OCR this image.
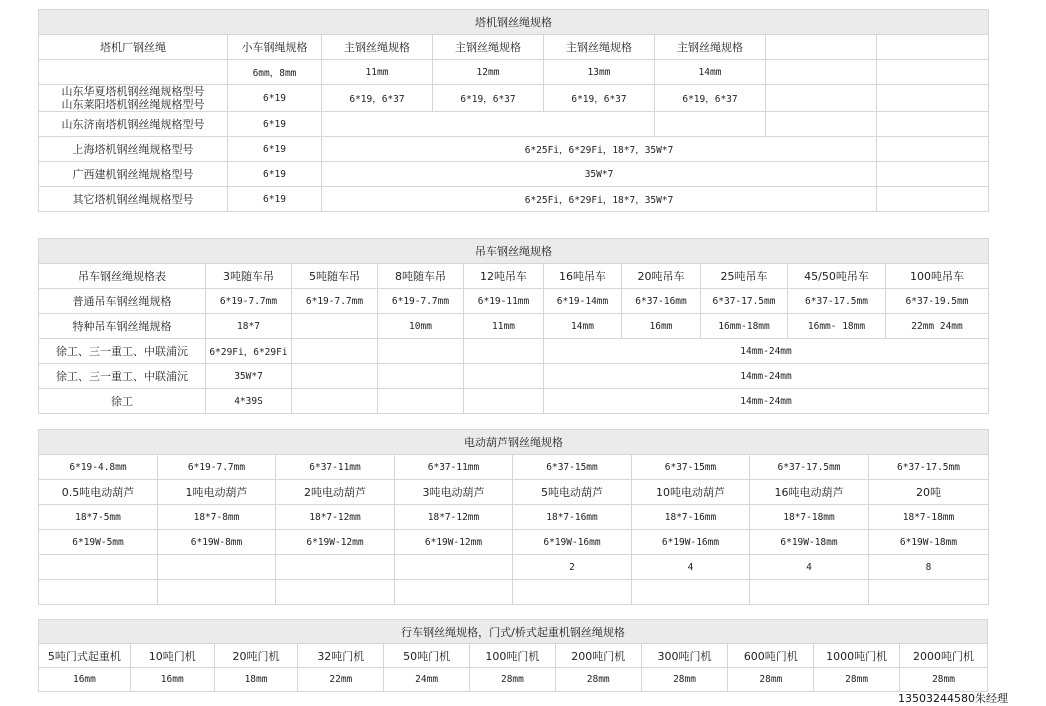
塔机钢丝绳规格							
塔机厂钢丝绳	小车钢绳规格	主钢丝绳规格	主钢丝绳规格	主钢丝绳规格	主钢丝绳规格		
	6mm，8mm	11mm	12mm	13mm	14mm		

山东华夏塔机钢丝绳规格型号
山东莱阳塔机钢丝绳规格型号	6*19	6*19，6*37	6*19，6*37	6*19，6*37	6*19，6*37		
山东济南塔机钢丝绳规格型号	6*19						
上海塔机钢丝绳规格型号	6*19	6*25Fi，6*29Fi，18*7，35W*7					
广西建机钢丝绳规格型号	6*19	35W*7					
其它塔机钢丝绳规格型号	6*19	6*25Fi，6*29Fi，18*7，35W*7					
吊车钢丝绳规格									
吊车钢丝绳规格表	3吨随车吊	5吨随车吊	8吨随车吊	12吨吊车	16吨吊车	20吨吊车	25吨吊车	45/50吨吊车	100吨吊车
普通吊车钢丝绳规格	6*19-7.7mm	6*19-7.7mm	6*19-7.7mm	6*19-11mm	6*19-14mm	6*37-16mm	6*37-17.5mm	6*37-17.5mm	6*37-19.5mm
特种吊车钢丝绳规格	18*7		10mm	11mm	14mm	16mm	16mm-18mm	16mm- 18mm	22mm 24mm
徐工、三一重工、中联浦沅	6*29Fi，6*29Fi				14mm-24mm				
徐工、三一重工、中联浦沅	35W*7				14mm-24mm				
徐工	4*39S				14mm-24mm				
电动葫芦钢丝绳规格							
6*19-4.8mm	6*19-7.7mm	6*37-11mm	6*37-11mm	6*37-15mm	6*37-15mm	6*37-17.5mm	6*37-17.5mm
0.5吨电动葫芦	1吨电动葫芦	2吨电动葫芦	3吨电动葫芦	5吨电动葫芦	10吨电动葫芦	16吨电动葫芦	20吨
18*7-5mm	18*7-8mm	18*7-12mm	18*7-12mm	18*7-16mm	18*7-16mm	18*7-18mm	18*7-18mm
6*19W-5mm	6*19W-8mm	6*19W-12mm	6*19W-12mm	6*19W-16mm	6*19W-16mm	6*19W-18mm	6*19W-18mm
				2	4	4	8

行车钢丝绳规格，门式/桥式起重机钢丝绳规格										
5吨门式起重机	10吨门机	20吨门机	32吨门机	50吨门机	100吨门机	200吨门机	300吨门机	600吨门机	1000吨门机	2000吨门机
16mm	16mm	18mm	22mm	24mm	28mm	28mm	28mm	28mm	28mm	28mm
13503244580朱经理
